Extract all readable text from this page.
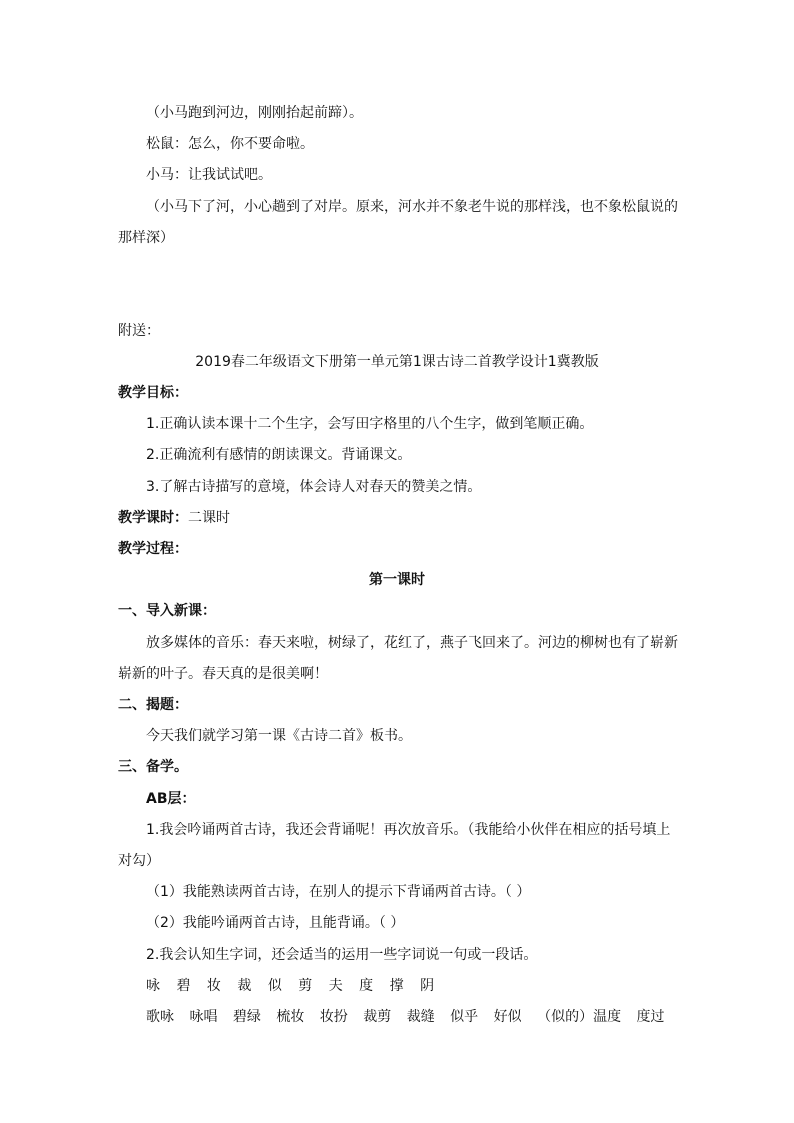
（小马跑到河边，刚刚抬起前蹄）。
松鼠：怎么，你不要命啦。
小马：让我试试吧。
（小马下了河，小心趟到了对岸。原来，河水并不象老牛说的那样浅，也不象松鼠说的
那样深）
附送：
2019春二年级语文下册第一单元第1课古诗二首教学设计1冀教版
教学目标：
1.正确认读本课十二个生字，会写田字格里的八个生字，做到笔顺正确。
2.正确流利有感情的朗读课文。背诵课文。
3.了解古诗描写的意境，体会诗人对春天的赞美之情。
教学课时：二课时
教学过程：
第一课时
一、导入新课：
放多媒体的音乐：春天来啦，树绿了，花红了，燕子飞回来了。河边的柳树也有了崭新
崭新的叶子。春天真的是很美啊！
二、揭题：
今天我们就学习第一课《古诗二首》板书。
三、备学。
AB层：
1.我会吟诵两首古诗，我还会背诵呢！再次放音乐。（我能给小伙伴在相应的括号填上
对勾）
（1）我能熟读两首古诗，在别人的提示下背诵两首古诗。（ ）
（2）我能吟诵两首古诗，且能背诵。（ ）
2.我会认知生字词，还会适当的运用一些字词说一句或一段话。
咏 碧 妆 裁 似 剪 夫 度 撑 阴
歌咏 咏唱 碧绿 梳妆 妆扮 裁剪 裁缝 似乎 好似 （似的）温度 度过
